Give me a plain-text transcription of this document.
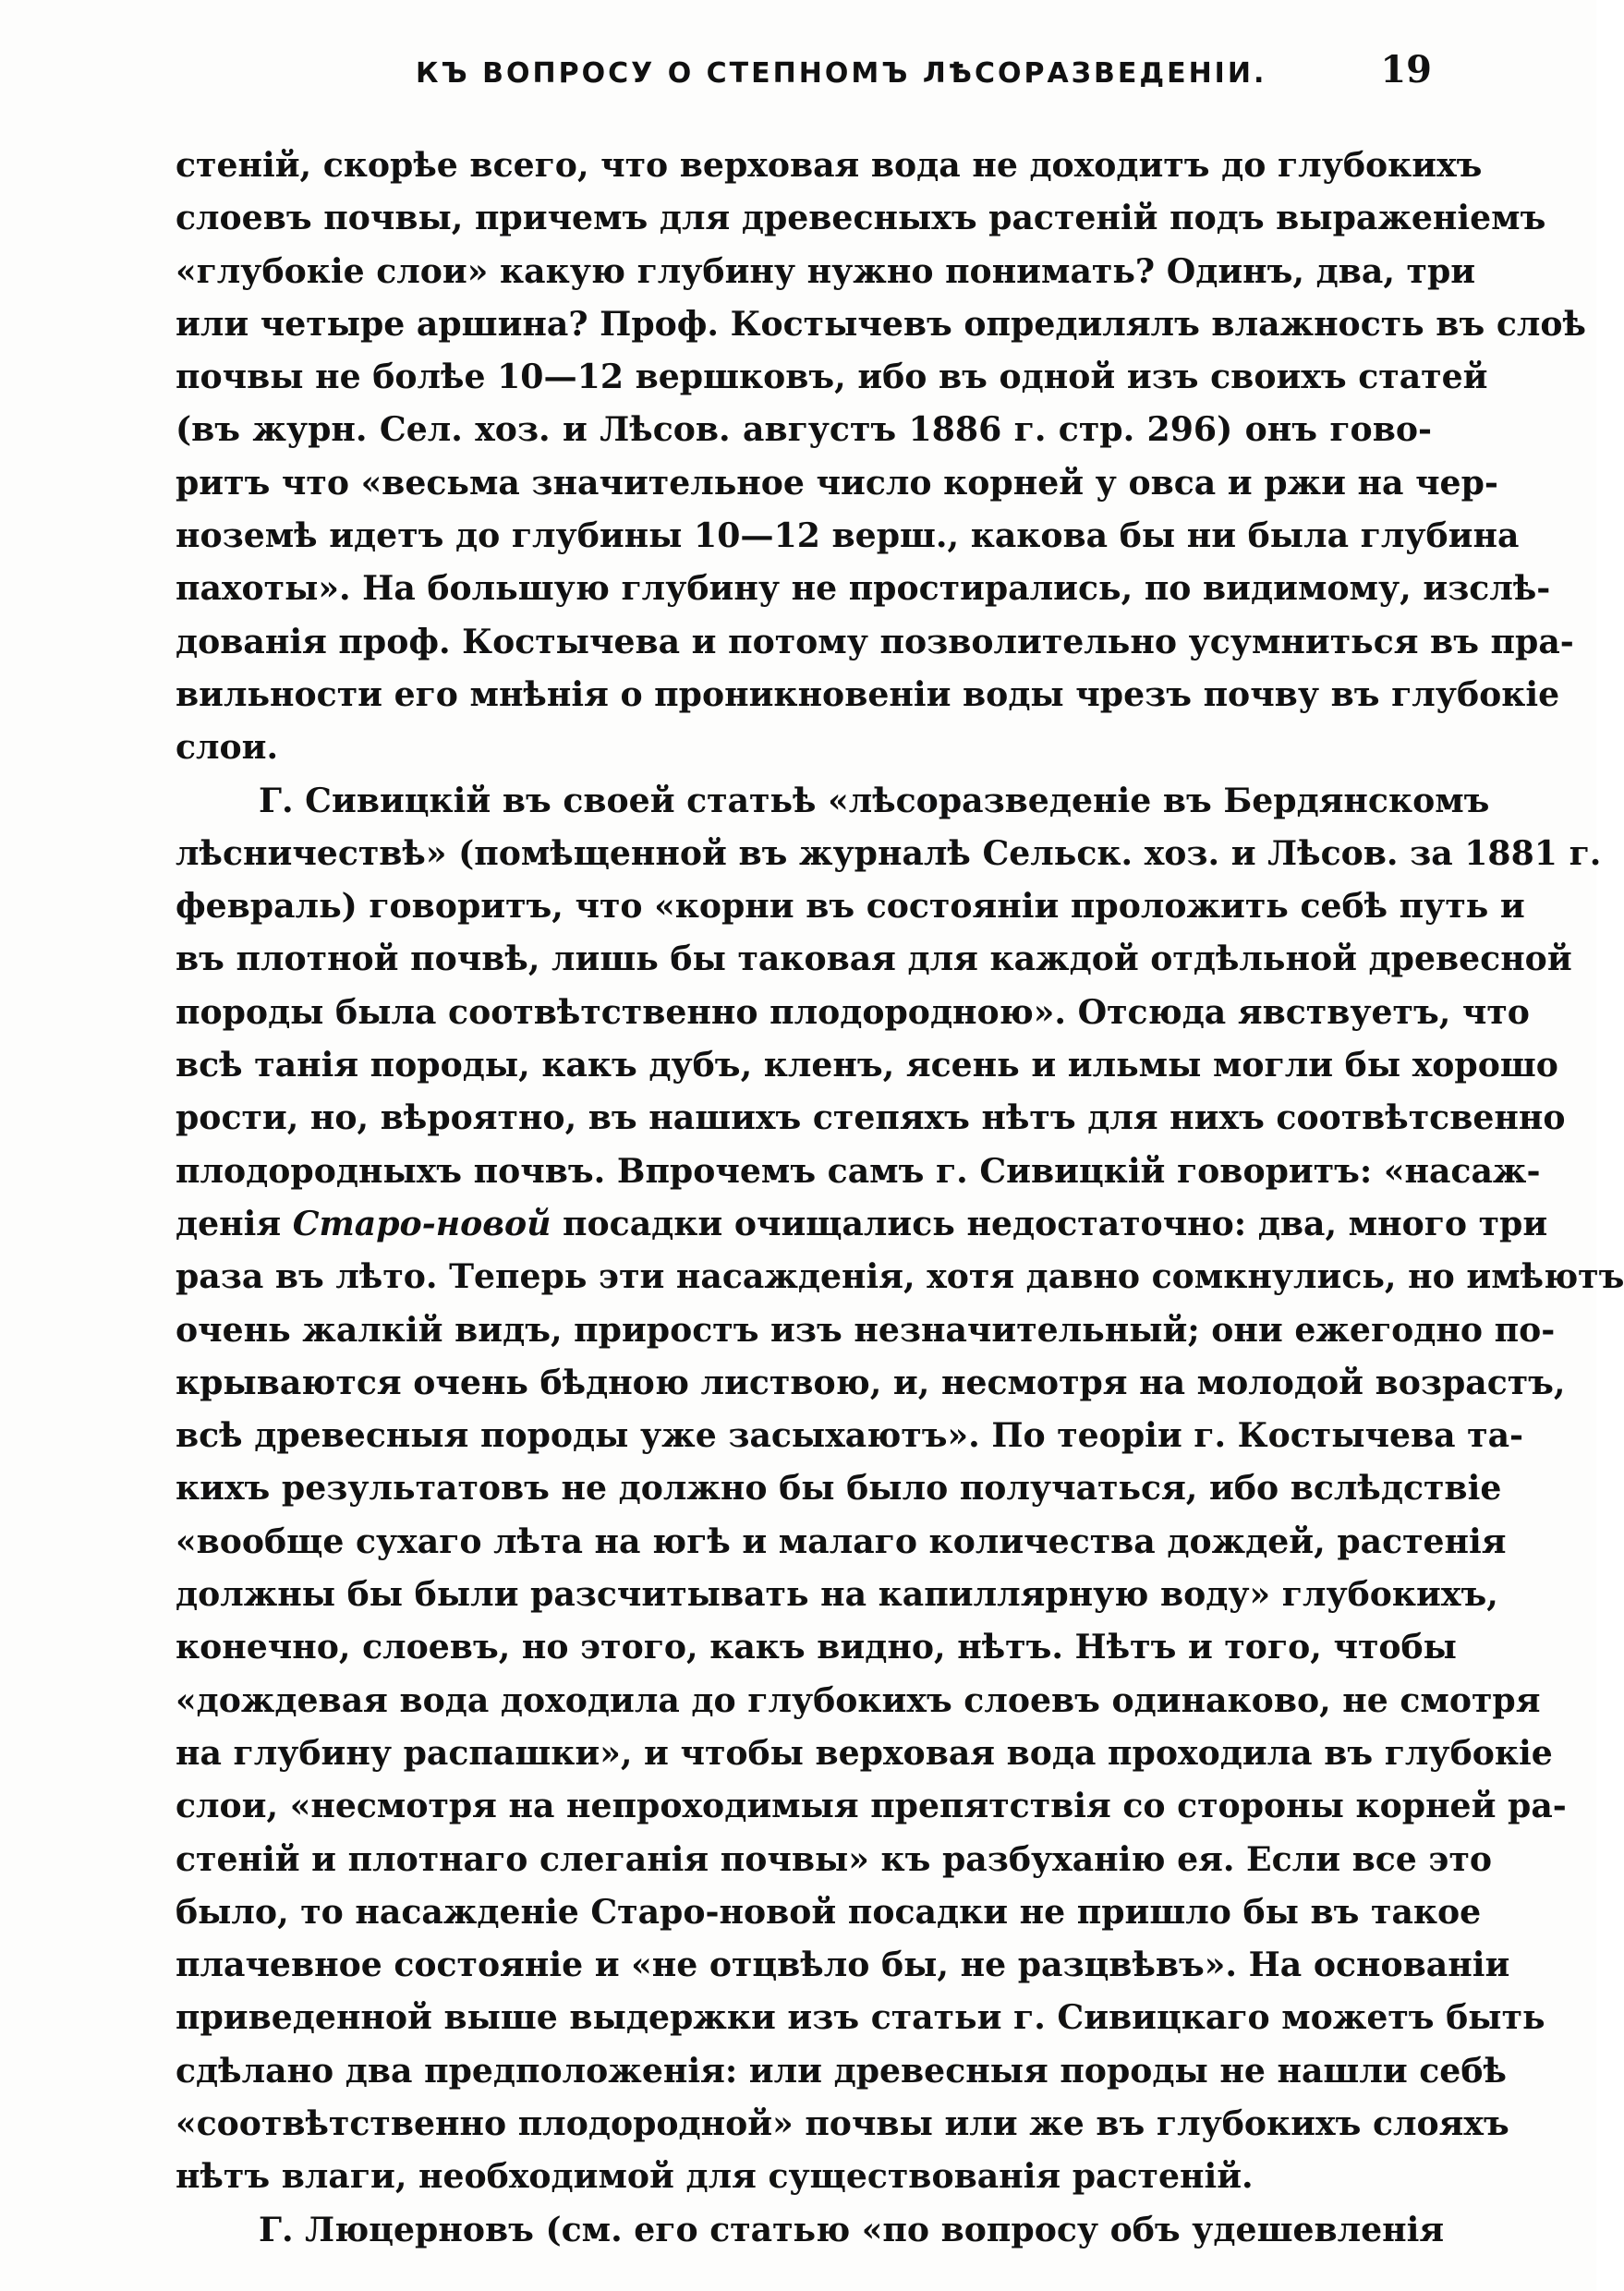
КЪ ВОПРОСУ О СТЕПНОМЪ ЛѢСОРАЗВЕДЕНІИ.	19
стеній, скорѣе всего, что верховая вода не доходитъ до глубокихъ
слоевъ почвы, причемъ для древесныхъ растеній подъ выраженіемъ
«глубокіе слои» какую глубину нужно понимать? Одинъ, два, три
или четыре аршина? Проф. Костычевъ опредилялъ влажность въ слоѣ
почвы не болѣе 10—12 вершковъ, ибо въ одной изъ своихъ статей
(въ журн. Сел. хоз. и Лѣсов. августъ 1886 г. стр. 296) онъ гово-
ритъ что «весьма значительное число корней у овса и ржи на чер-
ноземѣ идетъ до глубины 10—12 верш., какова бы ни была глубина
пахоты». На большую глубину не простирались, по видимому, изслѣ-
дованія проф. Костычева и потому позволительно усумниться въ пра-
вильности его мнѣнія о проникновеніи воды чрезъ почву въ глубокіе
слои.
Г. Сивицкій въ своей статьѣ «лѣсоразведеніе въ Бердянскомъ
лѣсничествѣ» (помѣщенной въ журналѣ Сельск. хоз. и Лѣсов. за 1881 г.
февраль) говоритъ, что «корни въ состояніи проложить себѣ путь и
въ плотной почвѣ, лишь бы таковая для каждой отдѣльной древесной
породы была соотвѣтственно плодородною». Отсюда явствуетъ, что
всѣ танія породы, какъ дубъ, кленъ, ясень и ильмы могли бы хорошо
рости, но, вѣроятно, въ нашихъ степяхъ нѣтъ для нихъ соотвѣтсвенно
плодородныхъ почвъ. Впрочемъ самъ г. Сивицкій говоритъ: «насаж-
денія Старо-новой посадки очищались недостаточно: два, много три
раза въ лѣто. Теперь эти насажденія, хотя давно сомкнулись, но имѣютъ
очень жалкій видъ, приростъ изъ незначительный; они ежегодно по-
крываются очень бѣдною листвою, и, несмотря на молодой возрастъ,
всѣ древесныя породы уже засыхаютъ». По теоріи г. Костычева та-
кихъ результатовъ не должно бы было получаться, ибо вслѣдствіе
«вообще сухаго лѣта на югѣ и малаго количества дождей, растенія
должны бы были разсчитывать на капиллярную воду» глубокихъ,
конечно, слоевъ, но этого, какъ видно, нѣтъ. Нѣтъ и того, чтобы
«дождевая вода доходила до глубокихъ слоевъ одинаково, не смотря
на глубину распашки», и чтобы верховая вода проходила въ глубокіе
слои, «несмотря на непроходимыя препятствія со стороны корней ра-
стеній и плотнаго слеганія почвы» къ разбуханію ея. Если все это
было, то насажденіе Старо-новой посадки не пришло бы въ такое
плачевное состояніе и «не отцвѣло бы, не разцвѣвъ». На основаніи
приведенной выше выдержки изъ статьи г. Сивицкаго можетъ быть
сдѣлано два предположенія: или древесныя породы не нашли себѣ
«соотвѣтственно плодородной» почвы или же въ глубокихъ слояхъ
нѣтъ влаги, необходимой для существованія растеній.
Г. Люцерновъ (см. его статью «по вопросу объ удешевленія
